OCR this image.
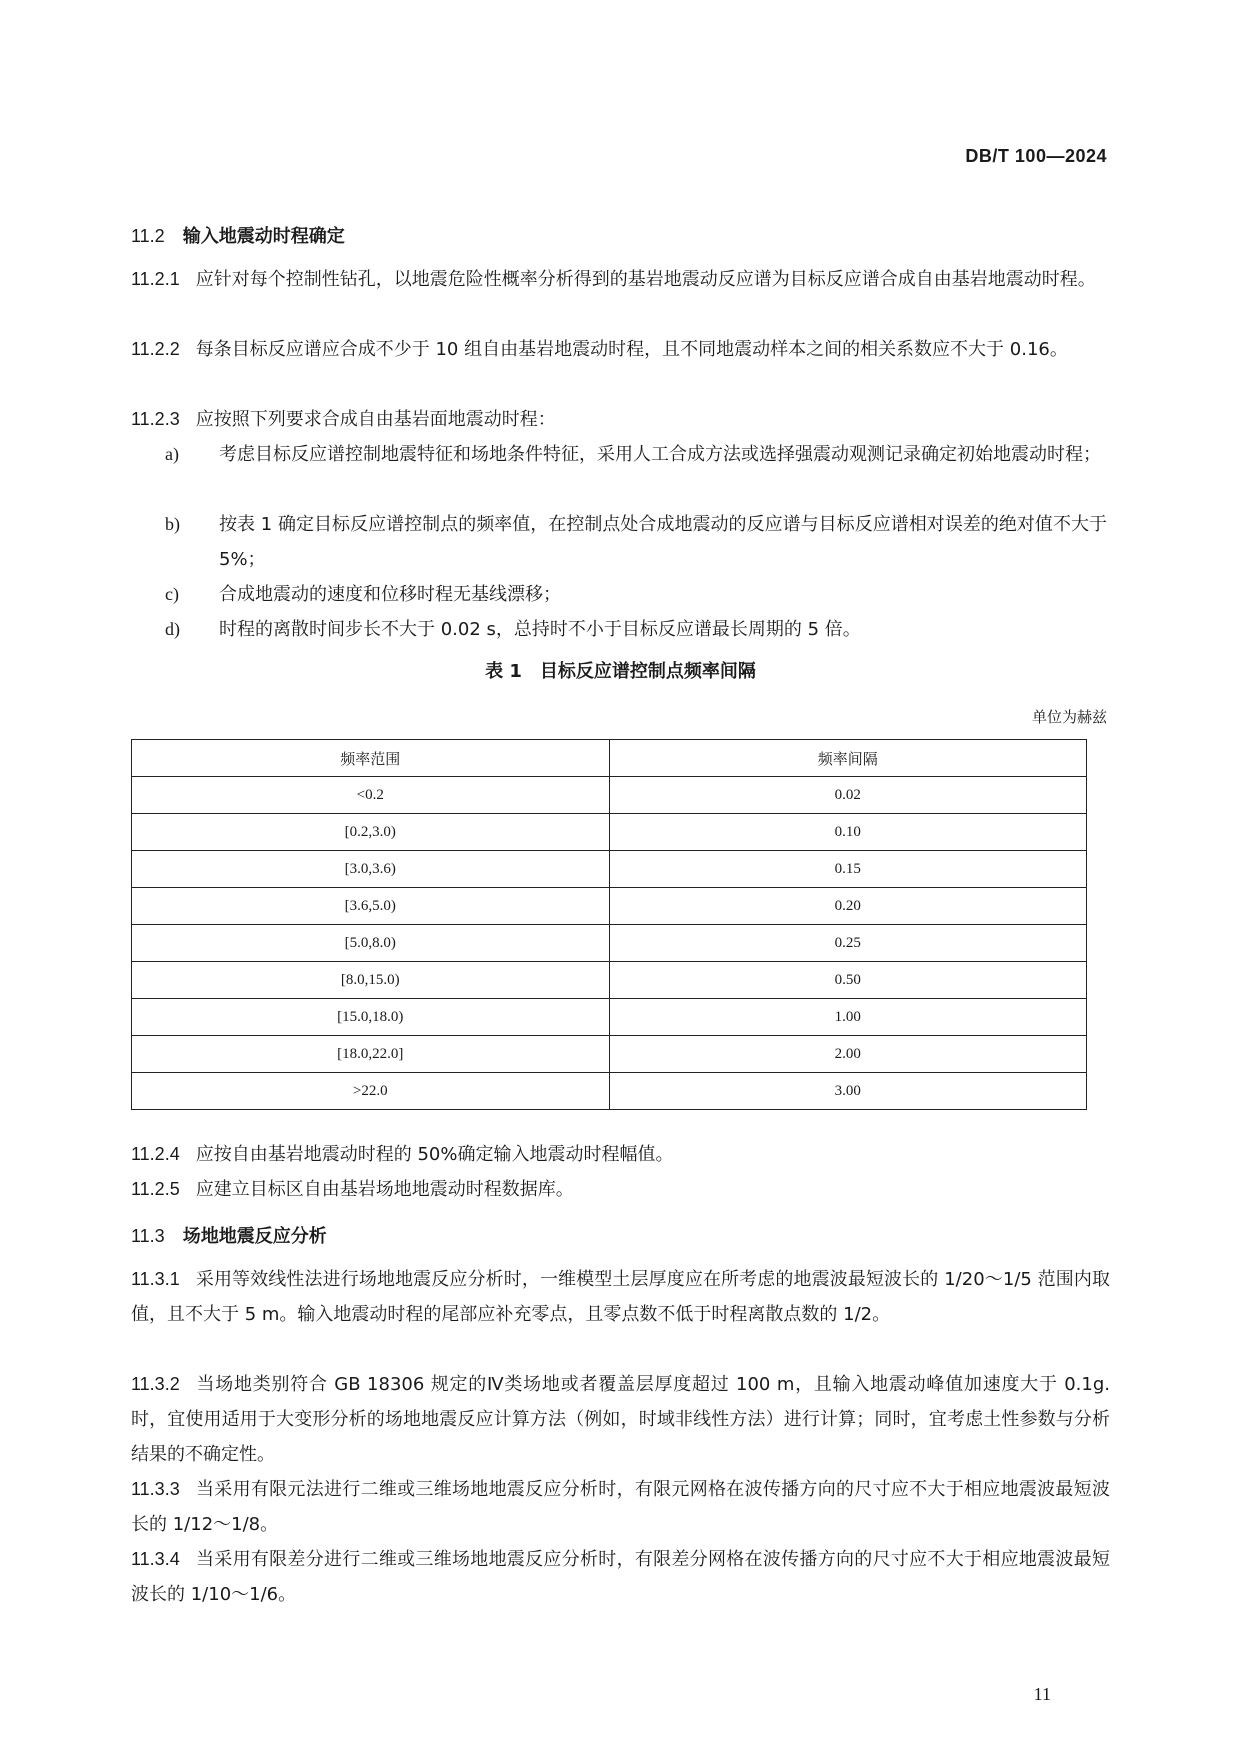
DB/T 100—2024
11.2 输入地震动时程确定
11.2.1 应针对每个控制性钻孔，以地震危险性概率分析得到的基岩地震动反应谱为目标反应谱合成自由基岩地震动时程。
11.2.2 每条目标反应谱应合成不少于 10 组自由基岩地震动时程，且不同地震动样本之间的相关系数应不大于 0.16。
11.2.3 应按照下列要求合成自由基岩面地震动时程：
a) 考虑目标反应谱控制地震特征和场地条件特征，采用人工合成方法或选择强震动观测记录确定初始地震动时程；
b) 按表 1 确定目标反应谱控制点的频率值，在控制点处合成地震动的反应谱与目标反应谱相对误差的绝对值不大于 5%；
c) 合成地震动的速度和位移时程无基线漂移；
d) 时程的离散时间步长不大于 0.02 s，总持时不小于目标反应谱最长周期的 5 倍。
表 1 目标反应谱控制点频率间隔
单位为赫兹
频率范围	频率间隔
<0.2	0.02
[0.2,3.0)	0.10
[3.0,3.6)	0.15
[3.6,5.0)	0.20
[5.0,8.0)	0.25
[8.0,15.0)	0.50
[15.0,18.0)	1.00
[18.0,22.0]	2.00
>22.0	3.00
11.2.4 应按自由基岩地震动时程的 50%确定输入地震动时程幅值。
11.2.5 应建立目标区自由基岩场地地震动时程数据库。
11.3 场地地震反应分析
11.3.1 采用等效线性法进行场地地震反应分析时，一维模型土层厚度应在所考虑的地震波最短波长的 1/20～1/5 范围内取值，且不大于 5 m。输入地震动时程的尾部应补充零点，且零点数不低于时程离散点数的 1/2。
11.3.2 当场地类别符合 GB 18306 规定的Ⅳ类场地或者覆盖层厚度超过 100 m，且输入地震动峰值加速度大于 0.1g. 时，宜使用适用于大变形分析的场地地震反应计算方法（例如，时域非线性方法）进行计算；同时，宜考虑土性参数与分析结果的不确定性。
11.3.3 当采用有限元法进行二维或三维场地地震反应分析时，有限元网格在波传播方向的尺寸应不大于相应地震波最短波长的 1/12～1/8。
11.3.4 当采用有限差分进行二维或三维场地地震反应分析时，有限差分网格在波传播方向的尺寸应不大于相应地震波最短波长的 1/10～1/6。
11
